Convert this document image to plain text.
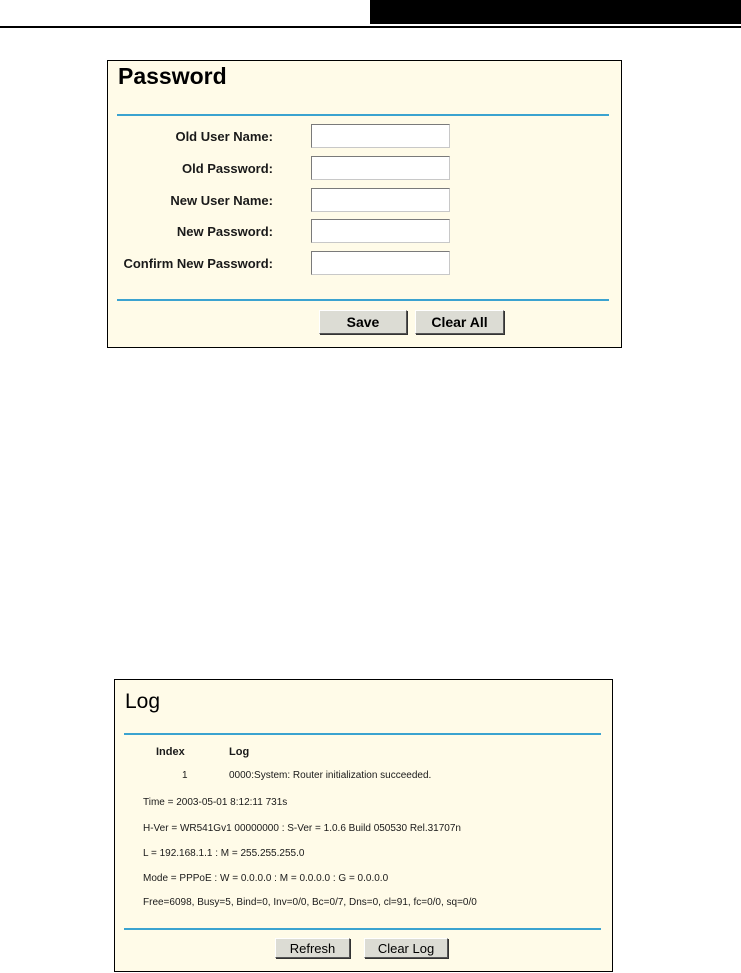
Password
Old User Name:
Old Password:
New User Name:
New Password:
Confirm New Password:
Save	Clear All
Log
Index	Log
1	0000:System: Router initialization succeeded.
Time = 2003-05-01 8:12:11 731s
H-Ver = WR541Gv1 00000000 : S-Ver = 1.0.6 Build 050530 Rel.31707n
L = 192.168.1.1 : M = 255.255.255.0
Mode = PPPoE : W = 0.0.0.0 : M = 0.0.0.0 : G = 0.0.0.0
Free=6098, Busy=5, Bind=0, Inv=0/0, Bc=0/7, Dns=0, cl=91, fc=0/0, sq=0/0
Refresh	Clear Log
